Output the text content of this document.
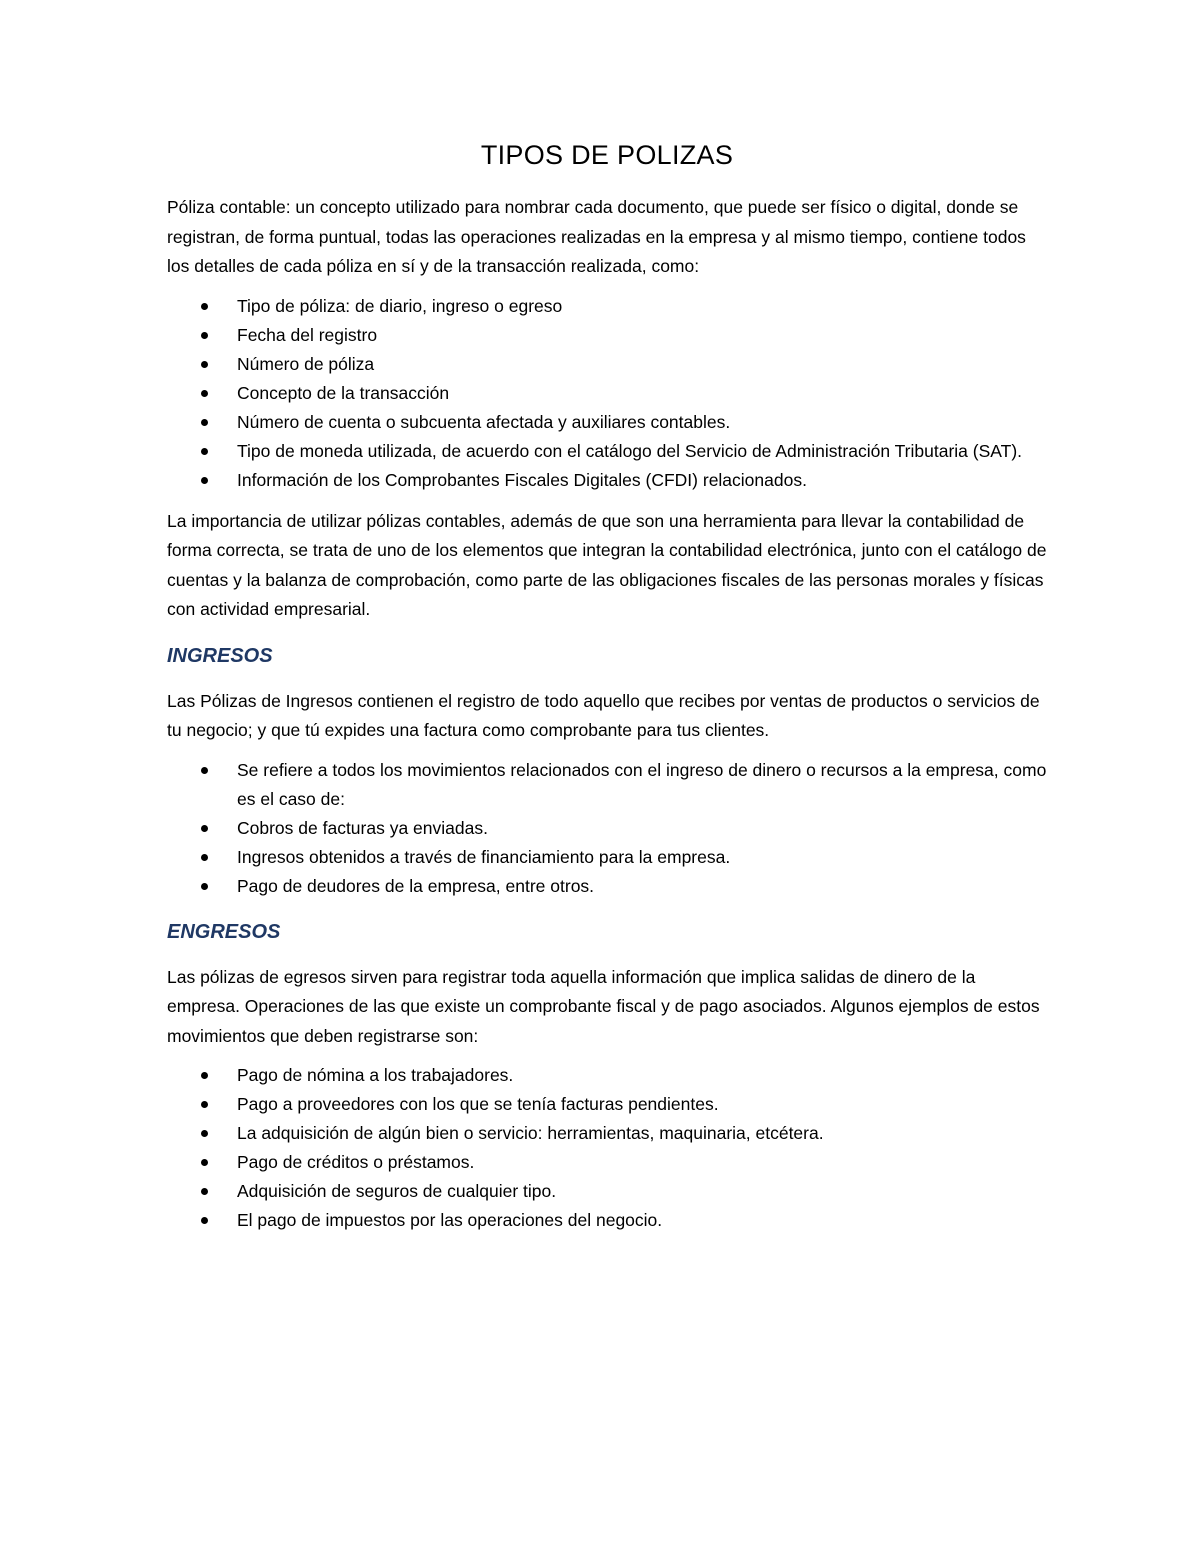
TIPOS DE POLIZAS

Póliza contable: un concepto utilizado para nombrar cada documento, que puede ser físico o digital, donde se registran, de forma puntual, todas las operaciones realizadas en la empresa y al mismo tiempo, contiene todos los detalles de cada póliza en sí y de la transacción realizada, como:

Tipo de póliza: de diario, ingreso o egreso
Fecha del registro
Número de póliza
Concepto de la transacción
Número de cuenta o subcuenta afectada y auxiliares contables.
Tipo de moneda utilizada, de acuerdo con el catálogo del Servicio de Administración Tributaria (SAT).
Información de los Comprobantes Fiscales Digitales (CFDI) relacionados.

La importancia de utilizar pólizas contables, además de que son una herramienta para llevar la contabilidad de forma correcta, se trata de uno de los elementos que integran la contabilidad electrónica, junto con el catálogo de cuentas y la balanza de comprobación, como parte de las obligaciones fiscales de las personas morales y físicas con actividad empresarial.

INGRESOS

Las Pólizas de Ingresos contienen el registro de todo aquello que recibes por ventas de productos o servicios de tu negocio; y que tú expides una factura como comprobante para tus clientes.

Se refiere a todos los movimientos relacionados con el ingreso de dinero o recursos a la empresa, como es el caso de:
Cobros de facturas ya enviadas.
Ingresos obtenidos a través de financiamiento para la empresa.
Pago de deudores de la empresa, entre otros.
ENGRESOS

Las pólizas de egresos sirven para registrar toda aquella información que implica salidas de dinero de la empresa. Operaciones de las que existe un comprobante fiscal y de pago asociados. Algunos ejemplos de estos movimientos que deben registrarse son:

Pago de nómina a los trabajadores.
Pago a proveedores con los que se tenía facturas pendientes.
La adquisición de algún bien o servicio: herramientas, maquinaria, etcétera.
Pago de créditos o préstamos.
Adquisición de seguros de cualquier tipo.
El pago de impuestos por las operaciones del negocio.
